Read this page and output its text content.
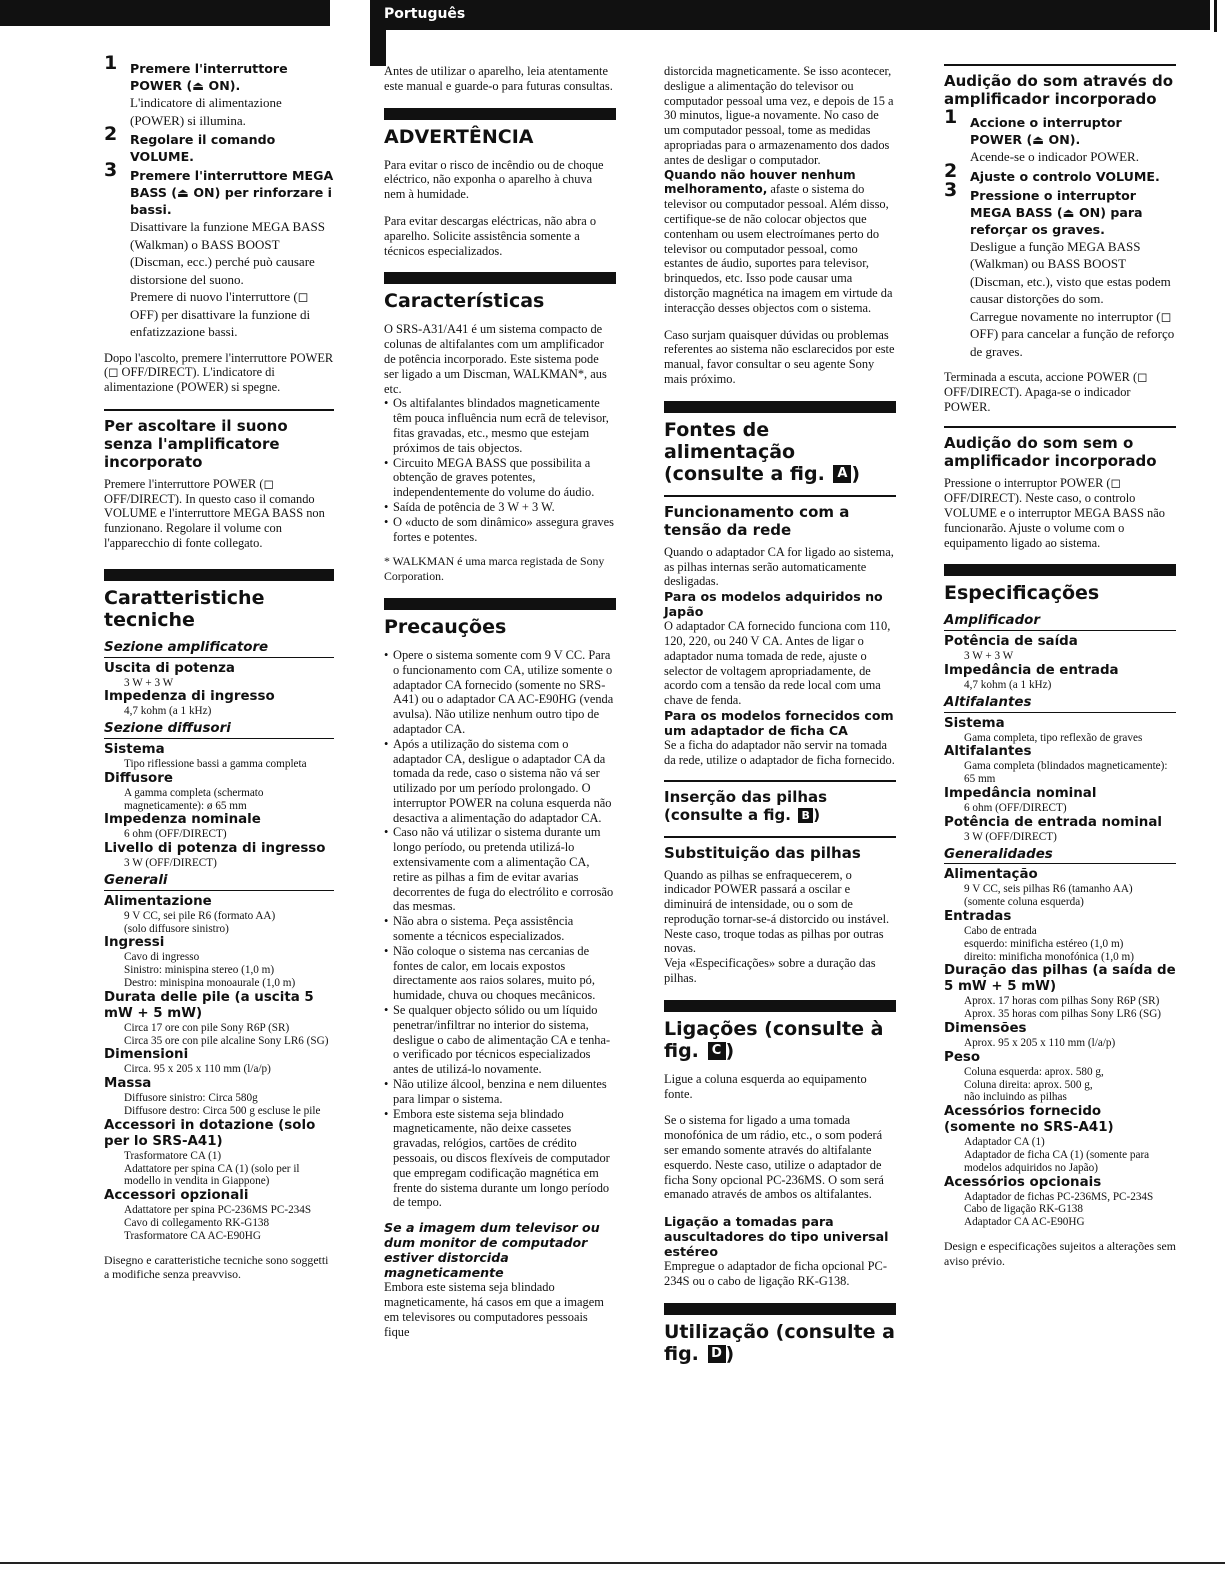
Português
1 Premere l'interruttore POWER (⏏ ON).

L'indicatore di alimentazione (POWER) si illumina.

2 Regolare il comando VOLUME.
3 Premere l'interruttore MEGA BASS (⏏ ON) per rinforzare i bassi.

Disattivare la funzione MEGA BASS (Walkman) o BASS BOOST (Discman, ecc.) perché può causare distorsione del suono.

Premere di nuovo l'interruttore (◻ OFF) per disattivare la funzione di enfatizzazione bassi.

Dopo l'ascolto, premere l'interruttore POWER (◻ OFF/DIRECT). L'indicatore di alimentazione (POWER) si spegne.

Per ascoltare il suono senza l'amplificatore incorporato

Premere l'interruttore POWER (◻ OFF/DIRECT). In questo caso il comando VOLUME e l'interruttore MEGA BASS non funzionano. Regolare il volume con l'apparecchio di fonte collegato.

Caratteristiche tecniche
Sezione amplificatore
Uscita di potenza
3 W + 3 W
Impedenza di ingresso
4,7 kohm (a 1 kHz)
Sezione diffusori
Sistema
Tipo riflessione bassi a gamma completa
Diffusore
A gamma completa (schermato magneticamente): ø 65 mm
Impedenza nominale
6 ohm (OFF/DIRECT)
Livello di potenza di ingresso
3 W (OFF/DIRECT)
Generali
Alimentazione
9 V CC, sei pile R6 (formato AA)
(solo diffusore sinistro)
Ingressi
Cavo di ingresso
Sinistro: minispina stereo (1,0 m)
Destro: minispina monoaurale (1,0 m)
Durata delle pile (a uscita 5 mW + 5 mW)
Circa 17 ore con pile Sony R6P (SR)
Circa 35 ore con pile alcaline Sony LR6 (SG)
Dimensioni
Circa. 95 x 205 x 110 mm (l/a/p)
Massa
Diffusore sinistro: Circa 580g
Diffusore destro: Circa 500 g escluse le pile
Accessori in dotazione (solo per lo SRS-A41)
Trasformatore CA (1)
Adattatore per spina CA (1) (solo per il modello in vendita in Giappone)
Accessori opzionali
Adattatore per spina PC-236MS PC-234S
Cavo di collegamento RK-G138
Trasformatore CA AC-E90HG

Disegno e caratteristiche tecniche sono soggetti a modifiche senza preavviso.

Antes de utilizar o aparelho, leia atentamente este manual e guarde-o para futuras consultas.

ADVERTÊNCIA

Para evitar o risco de incêndio ou de choque eléctrico, não exponha o aparelho à chuva nem à humidade.

Para evitar descargas eléctricas, não abra o aparelho. Solicite assistência somente a técnicos especializados.

Características
O SRS-A31/A41 é um sistema compacto de colunas de altifalantes com um amplificador de potência incorporado. Este sistema pode ser ligado a um Discman, WALKMAN*, aus etc.
• Os altifalantes blindados magneticamente têm pouca influência num ecrã de televisor, fitas gravadas, etc., mesmo que estejam próximos de tais objectos.
• Circuito MEGA BASS que possibilita a obtenção de graves potentes, independentemente do volume do áudio.
• Saída de potência de 3 W + 3 W.
• O «ducto de som dinâmico» assegura graves fortes e potentes.

* WALKMAN é uma marca registada de Sony Corporation.

Precauções
• Opere o sistema somente com 9 V CC. Para o funcionamento com CA, utilize somente o adaptador CA fornecido (somente no SRS-A41) ou o adaptador CA AC-E90HG (venda avulsa). Não utilize nenhum outro tipo de adaptador CA.
• Após a utilização do sistema com o adaptador CA, desligue o adaptador CA da tomada da rede, caso o sistema não vá ser utilizado por um período prolongado. O interruptor POWER na coluna esquerda não desactiva a alimentação do adaptador CA.
• Caso não vá utilizar o sistema durante um longo período, ou pretenda utilizá-lo extensivamente com a alimentação CA, retire as pilhas a fim de evitar avarias decorrentes de fuga do electrólito e corrosão das mesmas.
• Não abra o sistema. Peça assistência somente a técnicos especializados.
• Não coloque o sistema nas cercanias de fontes de calor, em locais expostos directamente aos raios solares, muito pó, humidade, chuva ou choques mecânicos.
• Se qualquer objecto sólido ou um líquido penetrar/infiltrar no interior do sistema, desligue o cabo de alimentação CA e tenha-o verificado por técnicos especializados antes de utilizá-lo novamente.
• Não utilize álcool, benzina e nem diluentes para limpar o sistema.
• Embora este sistema seja blindado magneticamente, não deixe cassetes gravadas, relógios, cartões de crédito pessoais, ou discos flexíveis de computador que empregam codificação magnética em frente do sistema durante um longo período de tempo.
Se a imagem dum televisor ou dum monitor de computador estiver distorcida magneticamente
Embora este sistema seja blindado magneticamente, há casos em que a imagem em televisores ou computadores pessoais fique

distorcida magneticamente. Se isso acontecer, desligue a alimentação do televisor ou computador pessoal uma vez, e depois de 15 a 30 minutos, ligue-a novamente. No caso de um computador pessoal, tome as medidas apropriadas para o armazenamento dos dados antes de desligar o computador.

Quando não houver nenhum melhoramento, afaste o sistema do televisor ou computador pessoal. Além disso, certifique-se de não colocar objectos que contenham ou usem electroímanes perto do televisor ou computador pessoal, como estantes de áudio, suportes para televisor, brinquedos, etc. Isso pode causar uma distorção magnética na imagem em virtude da interacção desses objectos com o sistema.

Caso surjam quaisquer dúvidas ou problemas referentes ao sistema não esclarecidos por este manual, favor consultar o seu agente Sony mais próximo.

Fontes de alimentação (consulte a fig. A )
Funcionamento com a tensão da rede
Quando o adaptador CA for ligado ao sistema, as pilhas internas serão automaticamente desligadas.
Para os modelos adquiridos no Japão
O adaptador CA fornecido funciona com 110, 120, 220, ou 240 V CA. Antes de ligar o adaptador numa tomada de rede, ajuste o selector de voltagem apropriadamente, de acordo com a tensão da rede local com uma chave de fenda.
Para os modelos fornecidos com um adaptador de ficha CA

Se a ficha do adaptador não servir na tomada da rede, utilize o adaptador de ficha fornecido.

Inserção das pilhas (consulte a fig. B )
Substituição das pilhas
Quando as pilhas se enfraquecerem, o indicador POWER passará a oscilar e diminuirá de intensidade, ou o som de reprodução tornar-se-á distorcido ou instável. Neste caso, troque todas as pilhas por outras novas.

Veja «Especificações» sobre a duração das pilhas.

Ligações (consulte à fig. C )

Ligue a coluna esquerda ao equipamento fonte.

Se o sistema for ligado a uma tomada monofónica de um rádio, etc., o som poderá ser emando somente através do altifalante esquerdo. Neste caso, utilize o adaptador de ficha Sony opcional PC-236MS. O som será emanado através de ambos os altifalantes.

Ligação a tomadas para auscultadores do tipo universal estéreo

Empregue o adaptador de ficha opcional PC-234S ou o cabo de ligação RK-G138.

Utilização (consulte a fig. D )
Audição do som através do amplificador incorporado
1 Accione o interruptor POWER (⏏ ON).

Acende-se o indicador POWER.

2 Ajuste o controlo VOLUME.
3 Pressione o interruptor MEGA BASS (⏏ ON) para reforçar os graves.

Desligue a função MEGA BASS (Walkman) ou BASS BOOST (Discman, etc.), visto que estas podem causar distorções do som.

Carregue novamente no interruptor (◻ OFF) para cancelar a função de reforço de graves.

Terminada a escuta, accione POWER (◻ OFF/DIRECT). Apaga-se o indicador POWER.

Audição do som sem o amplificador incorporado

Pressione o interruptor POWER (◻ OFF/DIRECT). Neste caso, o controlo VOLUME e o interruptor MEGA BASS não funcionarão. Ajuste o volume com o equipamento ligado ao sistema.

Especificações
Amplificador
Potência de saída
3 W + 3 W
Impedância de entrada
4,7 kohm (a 1 kHz)
Altifalantes
Sistema
Gama completa, tipo reflexão de graves
Altifalantes
Gama completa (blindados magneticamente): 65 mm
Impedância nominal
6 ohm (OFF/DIRECT)
Potência de entrada nominal
3 W (OFF/DIRECT)
Generalidades
Alimentação
9 V CC, seis pilhas R6 (tamanho AA)
(somente coluna esquerda)
Entradas
Cabo de entrada
esquerdo: minificha estéreo (1,0 m)
direito: minificha monofónica (1,0 m)
Duração das pilhas (a saída de 5 mW + 5 mW)
Aprox. 17 horas com pilhas Sony R6P (SR)
Aprox. 35 horas com pilhas Sony LR6 (SG)
Dimensões
Aprox. 95 x 205 x 110 mm (l/a/p)
Peso
Coluna esquerda: aprox. 580 g,
Coluna direita: aprox. 500 g,
não incluindo as pilhas
Acessórios fornecido (somente no SRS-A41)
Adaptador CA (1)
Adaptador de ficha CA (1) (somente para modelos adquiridos no Japão)
Acessórios opcionais
Adaptador de fichas PC-236MS, PC-234S
Cabo de ligação RK-G138
Adaptador CA AC-E90HG

Design e especificações sujeitos a alterações sem aviso prévio.
